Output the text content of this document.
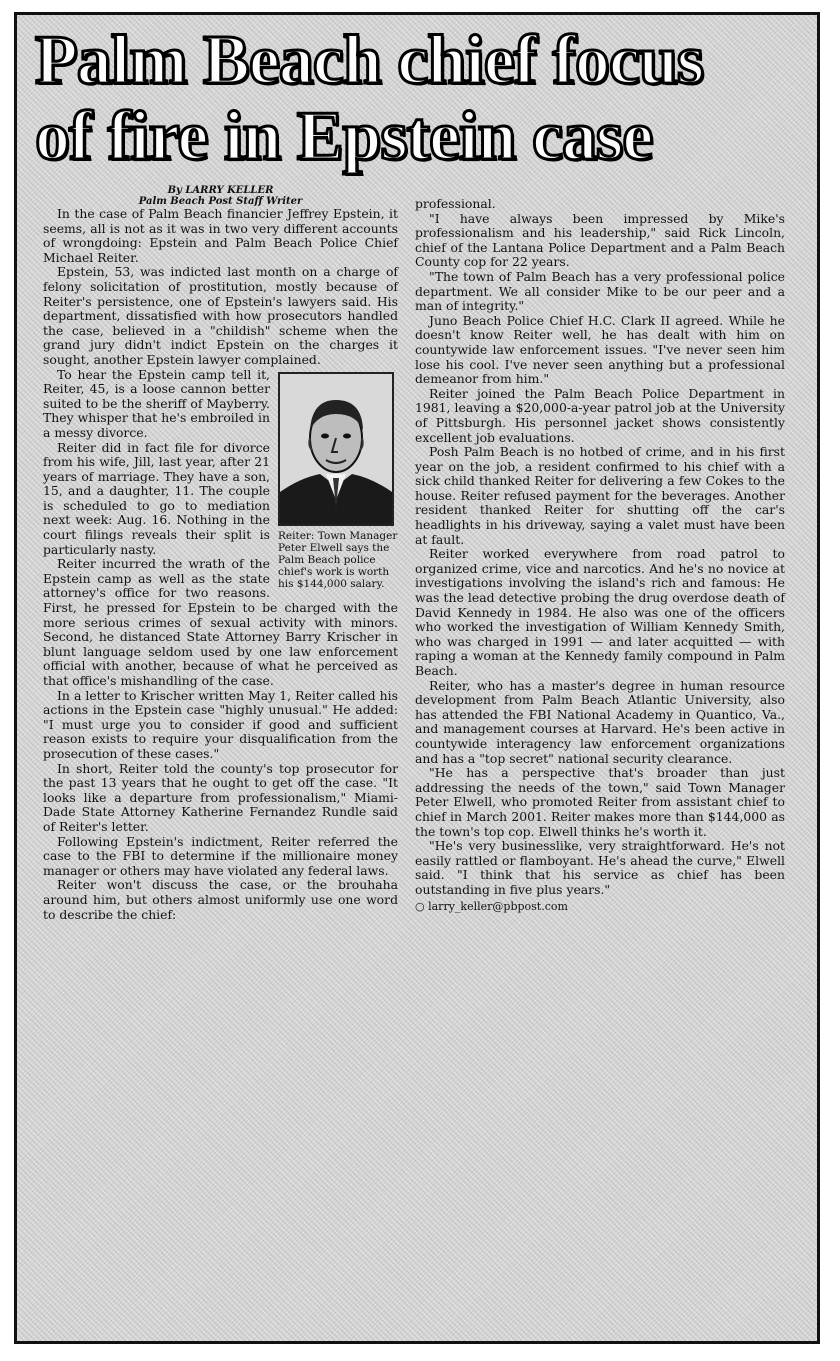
Palm Beach chief focus
of fire in Epstein case
By LARRY KELLER
Palm Beach Post Staff Writer

In the case of Palm Beach financier Jeffrey Epstein, it seems, all is not as it was in two very different accounts of wrongdoing: Epstein and Palm Beach Police Chief Michael Reiter.

Epstein, 53, was indicted last month on a charge of felony solicitation of prostitution, mostly because of Reiter's persistence, one of Epstein's lawyers said. His department, dissatisfied with how prosecutors handled the case, believed in a "childish" scheme when the grand jury didn't indict Epstein on the charges it sought, another Epstein lawyer complained.

Reiter: Town Manager Peter Elwell says the Palm Beach police chief's work is worth his $144,000 salary.

To hear the Epstein camp tell it, Reiter, 45, is a loose cannon better suited to be the sheriff of Mayberry. They whisper that he's embroiled in a messy divorce.

Reiter did in fact file for divorce from his wife, Jill, last year, after 21 years of marriage. They have a son, 15, and a daughter, 11. The couple is scheduled to go to mediation next week: Aug. 16. Nothing in the court filings reveals their split is particularly nasty.

Reiter incurred the wrath of the Epstein camp as well as the state attorney's office for two reasons. First, he pressed for Epstein to be charged with the more serious crimes of sexual activity with minors. Second, he distanced State Attorney Barry Krischer in blunt language seldom used by one law enforcement official with another, because of what he perceived as that office's mishandling of the case.

In a letter to Krischer written May 1, Reiter called his actions in the Epstein case "highly unusual." He added: "I must urge you to consider if good and sufficient reason exists to require your disqualification from the prosecution of these cases."

In short, Reiter told the county's top prosecutor for the past 13 years that he ought to get off the case. "It looks like a departure from professionalism," Miami-Dade State Attorney Katherine Fernandez Rundle said of Reiter's letter.

Following Epstein's indictment, Reiter referred the case to the FBI to determine if the millionaire money manager or others may have violated any federal laws.

Reiter won't discuss the case, or the brouhaha around him, but others almost uniformly use one word to describe the chief:

professional.

"I have always been impressed by Mike's professionalism and his leadership," said Rick Lincoln, chief of the Lantana Police Department and a Palm Beach County cop for 22 years.

"The town of Palm Beach has a very professional police department. We all consider Mike to be our peer and a man of integrity."

Juno Beach Police Chief H.C. Clark II agreed. While he doesn't know Reiter well, he has dealt with him on countywide law enforcement issues. "I've never seen him lose his cool. I've never seen anything but a professional demeanor from him."

Reiter joined the Palm Beach Police Department in 1981, leaving a $20,000-a-year patrol job at the University of Pittsburgh. His personnel jacket shows consistently excellent job evaluations.

Posh Palm Beach is no hotbed of crime, and in his first year on the job, a resident confirmed to his chief with a sick child thanked Reiter for delivering a few Cokes to the house. Reiter refused payment for the beverages. Another resident thanked Reiter for shutting off the car's headlights in his driveway, saying a valet must have been at fault.

Reiter worked everywhere from road patrol to organized crime, vice and narcotics. And he's no novice at investigations involving the island's rich and famous: He was the lead detective probing the drug overdose death of David Kennedy in 1984. He also was one of the officers who worked the investigation of William Kennedy Smith, who was charged in 1991 — and later acquitted — with raping a woman at the Kennedy family compound in Palm Beach.

Reiter, who has a master's degree in human resource development from Palm Beach Atlantic University, also has attended the FBI National Academy in Quantico, Va., and management courses at Harvard. He's been active in countywide interagency law enforcement organizations and has a "top secret" national security clearance.

"He has a perspective that's broader than just addressing the needs of the town," said Town Manager Peter Elwell, who promoted Reiter from assistant chief to chief in March 2001. Reiter makes more than $144,000 as the town's top cop. Elwell thinks he's worth it.

"He's very businesslike, very straightforward. He's not easily rattled or flamboyant. He's ahead the curve," Elwell said. "I think that his service as chief has been outstanding in five plus years."

○ larry_keller@pbpost.com
